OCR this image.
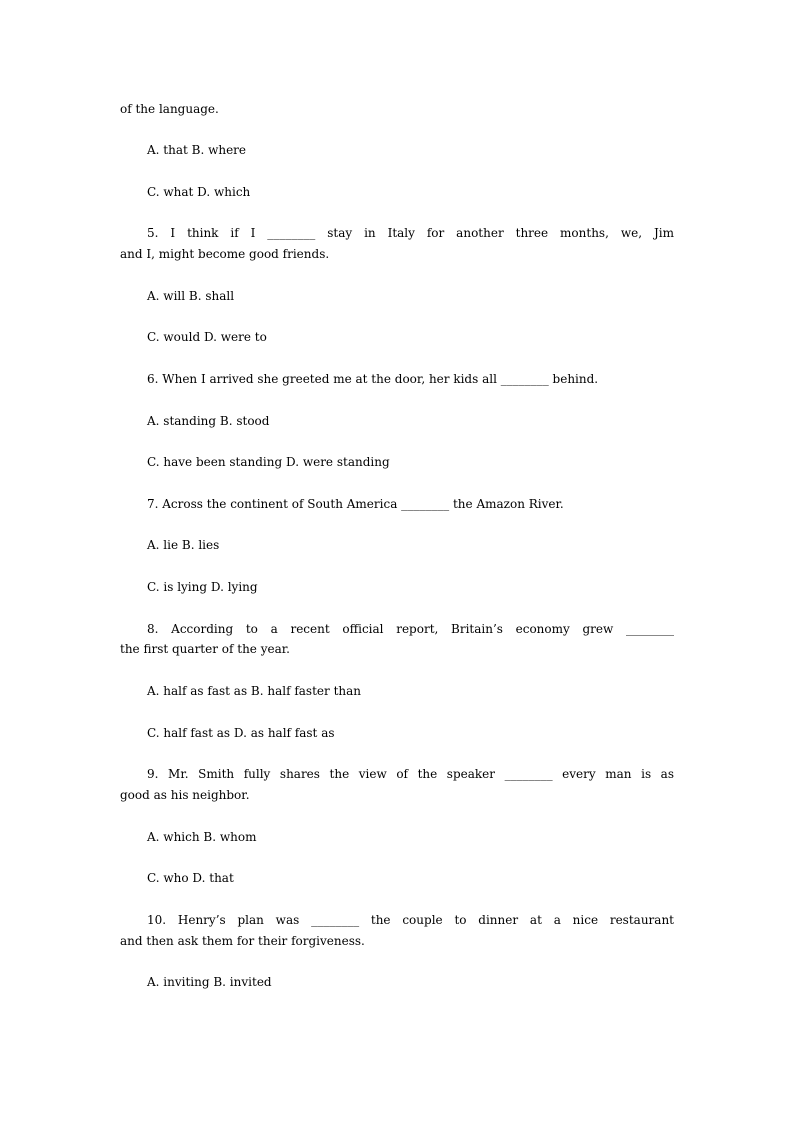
of the language.
A. that B. where
C. what D. which
5. I think if I ________ stay in Italy for another three months, we, Jim
and I, might become good friends.
A. will B. shall
C. would D. were to
6. When I arrived she greeted me at the door, her kids all ________ behind.
A. standing B. stood
C. have been standing D. were standing
7. Across the continent of South America ________ the Amazon River.
A. lie B. lies
C. is lying D. lying
8. According to a recent official report, Britain’s economy grew ________
the first quarter of the year.
A. half as fast as B. half faster than
C. half fast as D. as half fast as
9. Mr. Smith fully shares the view of the speaker ________ every man is as
good as his neighbor.
A. which B. whom
C. who D. that
10. Henry’s plan was ________ the couple to dinner at a nice restaurant
and then ask them for their forgiveness.
A. inviting B. invited
